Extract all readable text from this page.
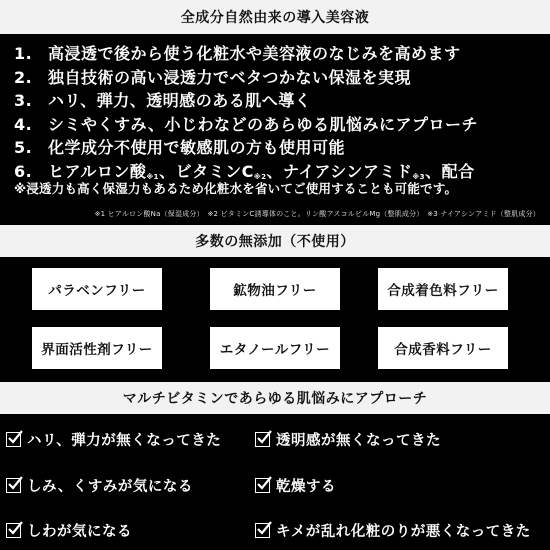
全成分自然由来の導入美容液
1. 高浸透で後から使う化粧水や美容液のなじみを高めます
2. 独自技術の高い浸透力でベタつかない保湿を実現
3. ハリ、弾力、透明感のある肌へ導く
4. シミやくすみ、小じわなどのあらゆる肌悩みにアプローチ
5. 化学成分不使用で敏感肌の方も使用可能
6. ヒアルロン酸$_{※1}$ 、ビタミン$C_{※2}$ 、ナイアシンアミド$_{※3}$ 、配合
※浸透力も高く保湿力もあるため化粧水を省いてご使用することも可能です。
※1 ヒアルロン酸Na（保湿成分）　※2 ビタミンC誘導体のこと。リン酸アスコルビルMg（整肌成分）　※3 ナイアシンアミド（整肌成分）
多数の無添加（不使用）
パラベンフリー	鉱物油フリー	合成着色料フリー
界面活性剤フリー	エタノールフリー	合成香料フリー
マルチビタミンであらゆる肌悩みにアプローチ
ハリ、弾力が無くなってきた	透明感が無くなってきた
しみ、くすみが気になる	乾燥する
しわが気になる	キメが乱れ化粧のりが悪くなってきた
